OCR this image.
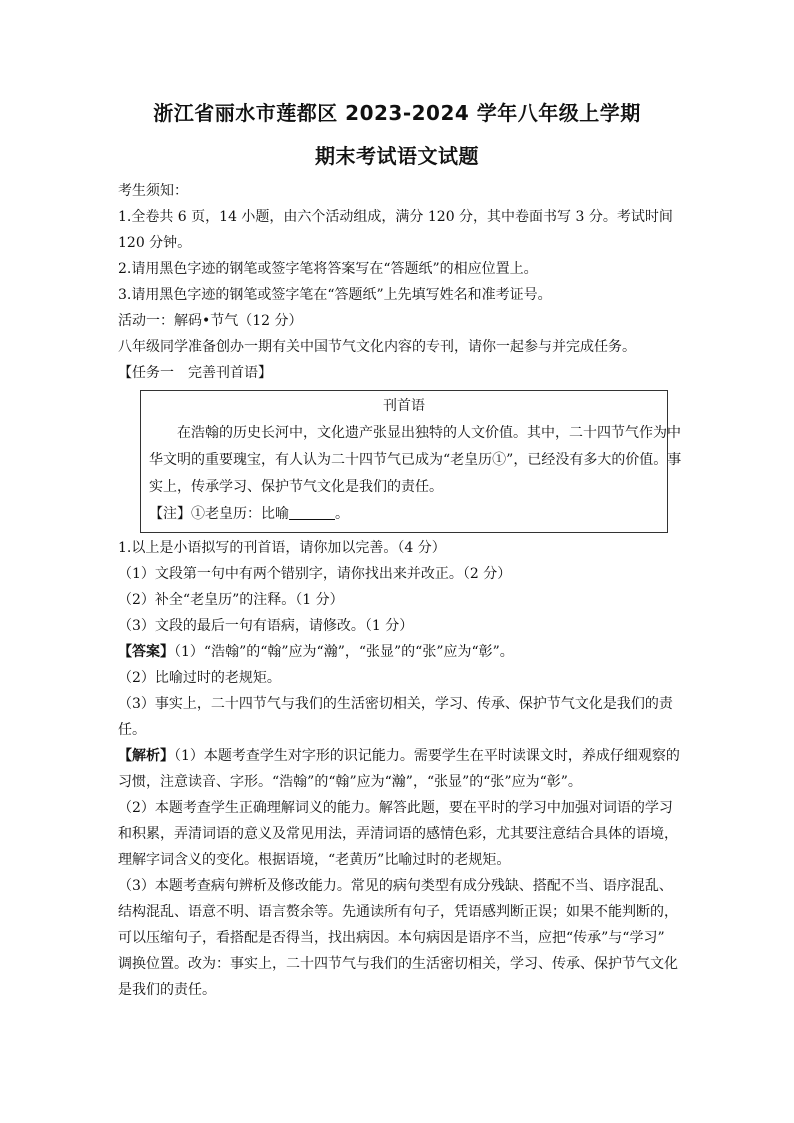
浙江省丽水市莲都区 2023-2024 学年八年级上学期
期末考试语文试题
考生须知：
1.全卷共 6 页，14 小题，由六个活动组成，满分 120 分，其中卷面书写 3 分。考试时间
120 分钟。
2.请用黑色字迹的钢笔或签字笔将答案写在“答题纸”的相应位置上。
3.请用黑色字迹的钢笔或签字笔在“答题纸”上先填写姓名和准考证号。
活动一：解码•节气（12 分）
八年级同学准备创办一期有关中国节气文化内容的专刊，请你一起参与并完成任务。
【任务一　完善刊首语】
刊首语
在浩翰的历史长河中，文化遗产张显出独特的人文价值。其中，二十四节气作为中
华文明的重要瑰宝，有人认为二十四节气已成为“老皇历①”，已经没有多大的价值。事
实上，传承学习、保护节气文化是我们的责任。
【注】①老皇历：比喻	。
1.以上是小语拟写的刊首语，请你加以完善。（4 分）
（1）文段第一句中有两个错别字，请你找出来并改正。（2 分）
（2）补全“老皇历”的注释。（1 分）
（3）文段的最后一句有语病，请修改。（1 分）
【答案】（1）“浩翰”的“翰”应为“瀚”，“张显”的“张”应为“彰”。
（2）比喻过时的老规矩。
（3）事实上，二十四节气与我们的生活密切相关，学习、传承、保护节气文化是我们的责
任。
【解析】（1）本题考查学生对字形的识记能力。需要学生在平时读课文时，养成仔细观察的
习惯，注意读音、字形。“浩翰”的“翰”应为“瀚”，“张显”的“张”应为“彰”。
（2）本题考查学生正确理解词义的能力。解答此题，要在平时的学习中加强对词语的学习
和积累，弄清词语的意义及常见用法，弄清词语的感情色彩，尤其要注意结合具体的语境，
理解字词含义的变化。根据语境，“老黄历”比喻过时的老规矩。
（3）本题考查病句辨析及修改能力。常见的病句类型有成分残缺、搭配不当、语序混乱、
结构混乱、语意不明、语言赘余等。先通读所有句子，凭语感判断正误；如果不能判断的，
可以压缩句子，看搭配是否得当，找出病因。本句病因是语序不当，应把“传承”与“学习”
调换位置。改为：事实上，二十四节气与我们的生活密切相关，学习、传承、保护节气文化
是我们的责任。
